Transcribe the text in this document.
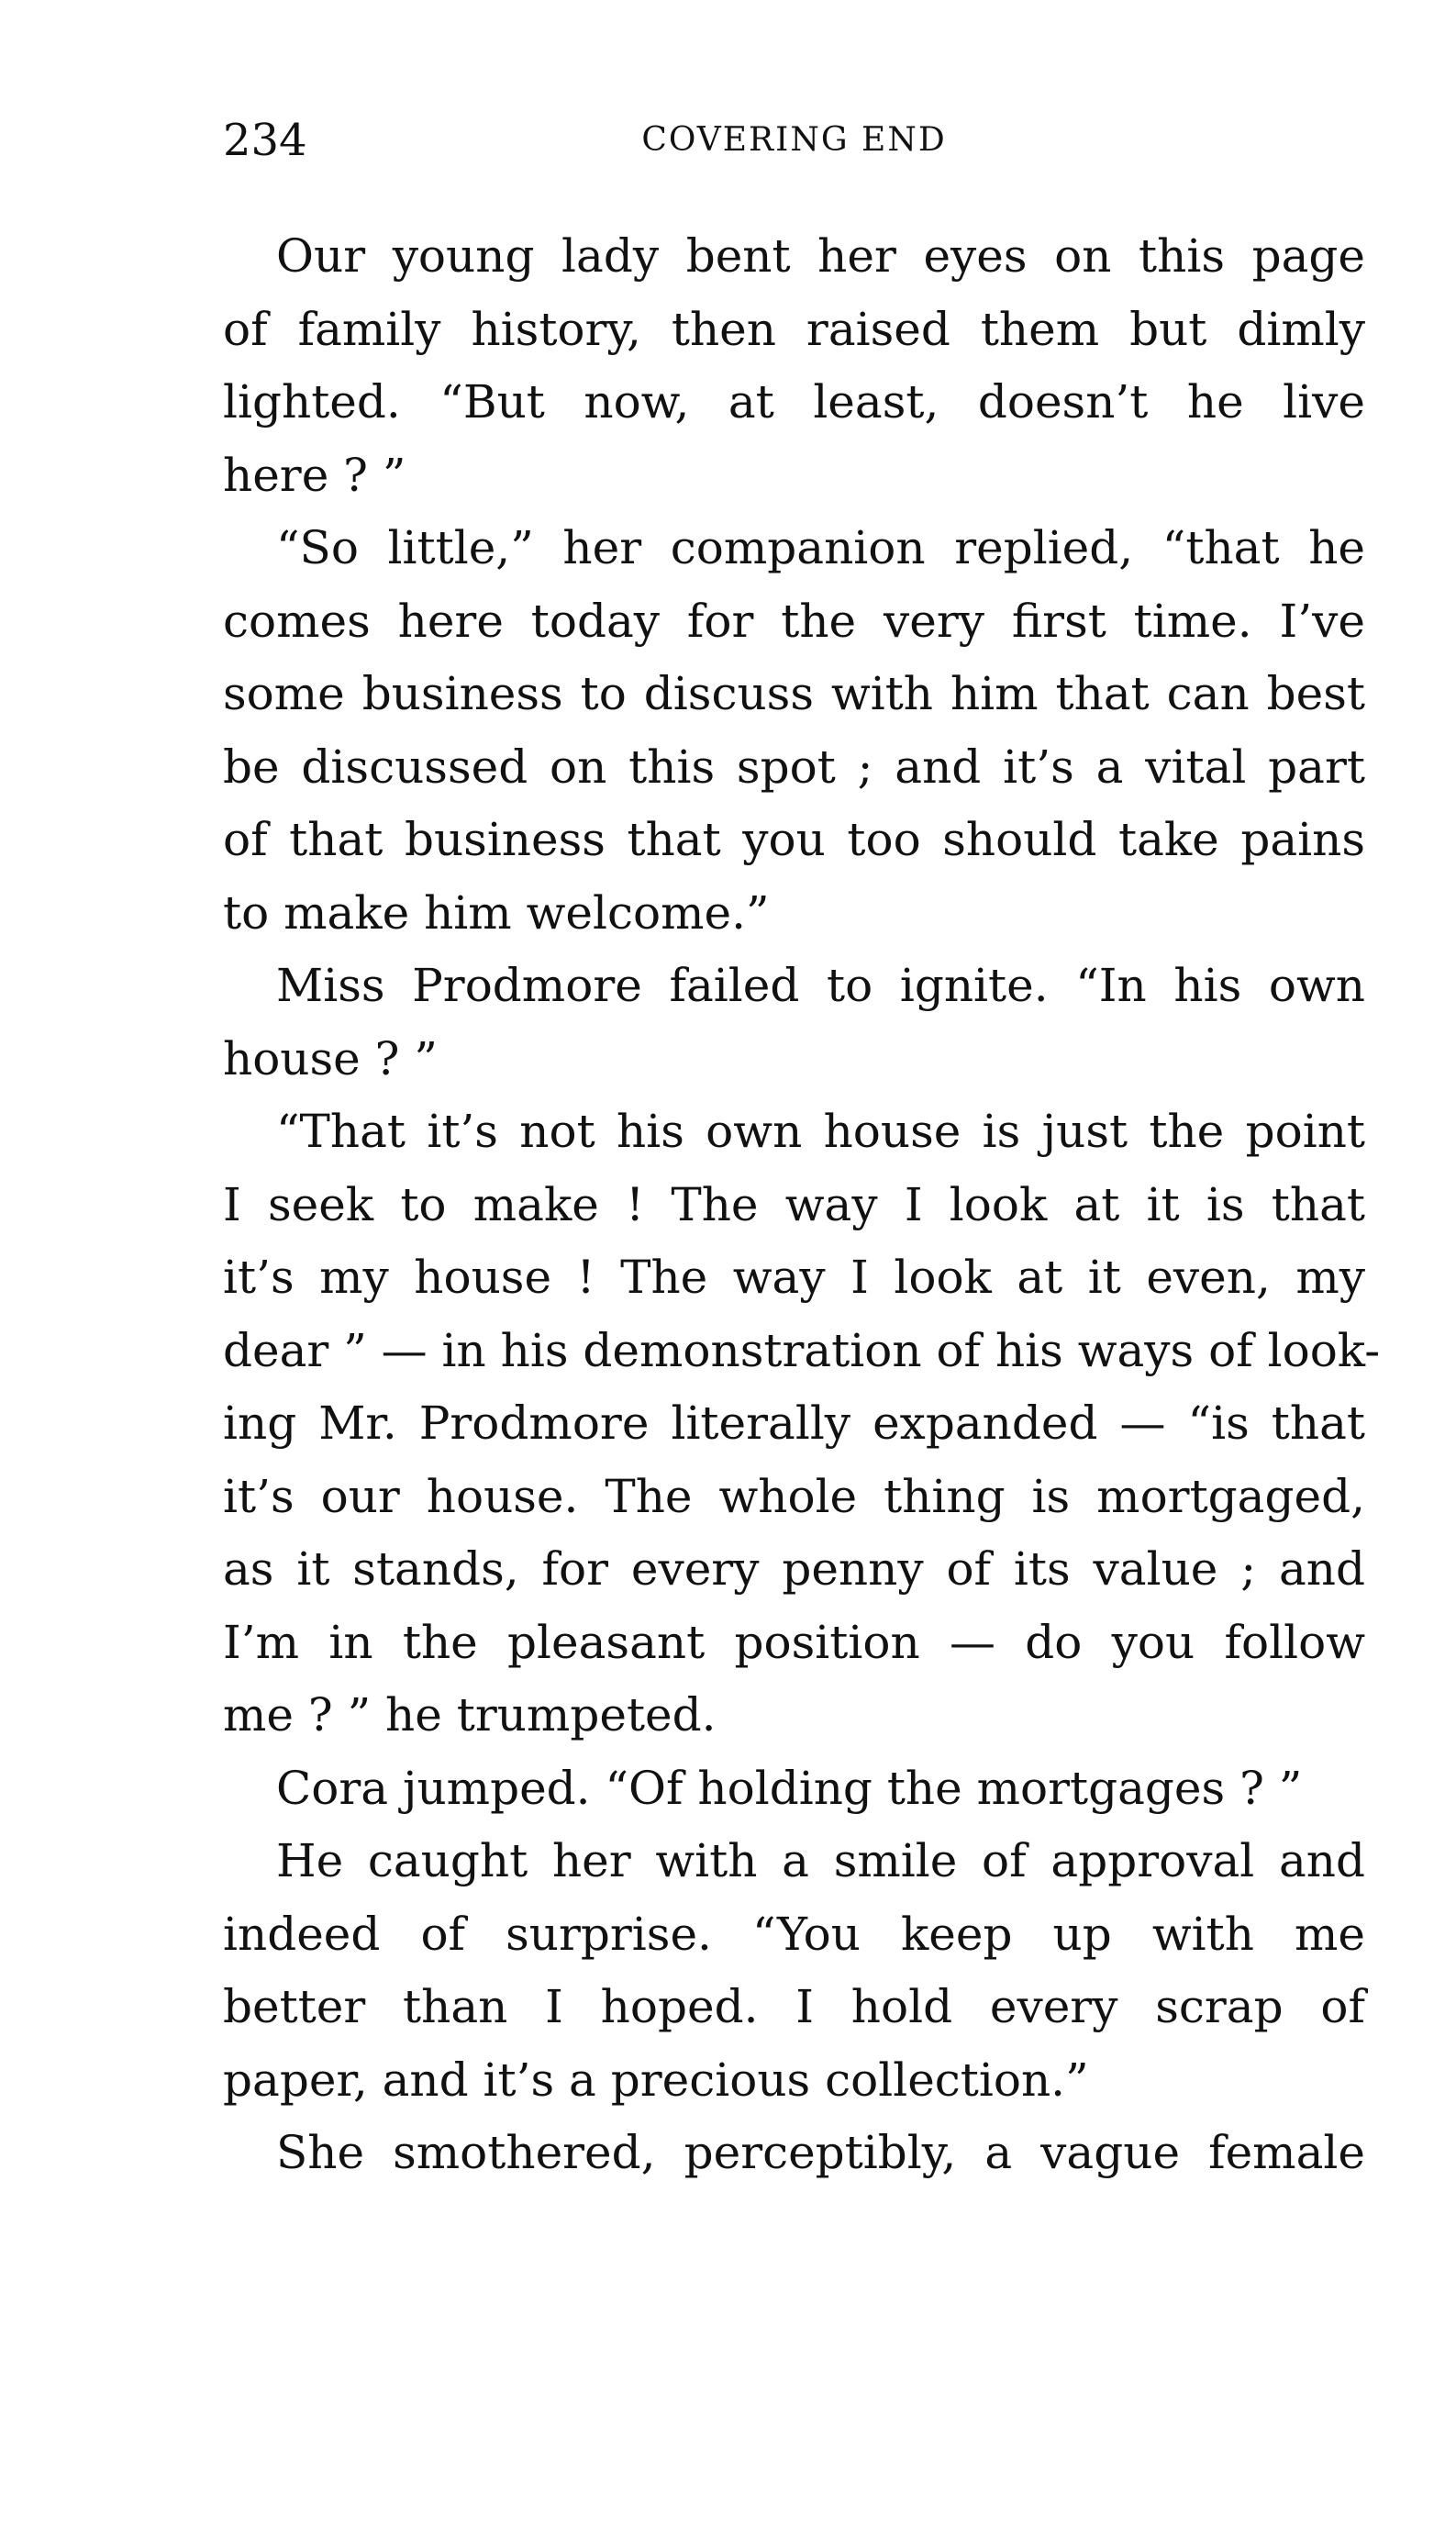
234	COVERING END
Our young lady bent her eyes on this page
of family history, then raised them but dimly
lighted. “But now, at least, doesn’t he live
here ? ”
“So little,” her companion replied, “that he
comes here today for the very first time. I’ve
some business to discuss with him that can best
be discussed on this spot ; and it’s a vital part
of that business that you too should take pains
to make him welcome.”
Miss Prodmore failed to ignite. “In his own
house ? ”
“That it’s not his own house is just the point
I seek to make ! The way I look at it is that
it’s my house ! The way I look at it even, my
dear ” — in his demonstration of his ways of look-
ing Mr. Prodmore literally expanded — “is that
it’s our house. The whole thing is mortgaged,
as it stands, for every penny of its value ; and
I’m in the pleasant position — do you follow
me ? ” he trumpeted.
Cora jumped. “Of holding the mortgages ? ”
He caught her with a smile of approval and
indeed of surprise. “You keep up with me
better than I hoped. I hold every scrap of
paper, and it’s a precious collection.”
She smothered, perceptibly, a vague female
